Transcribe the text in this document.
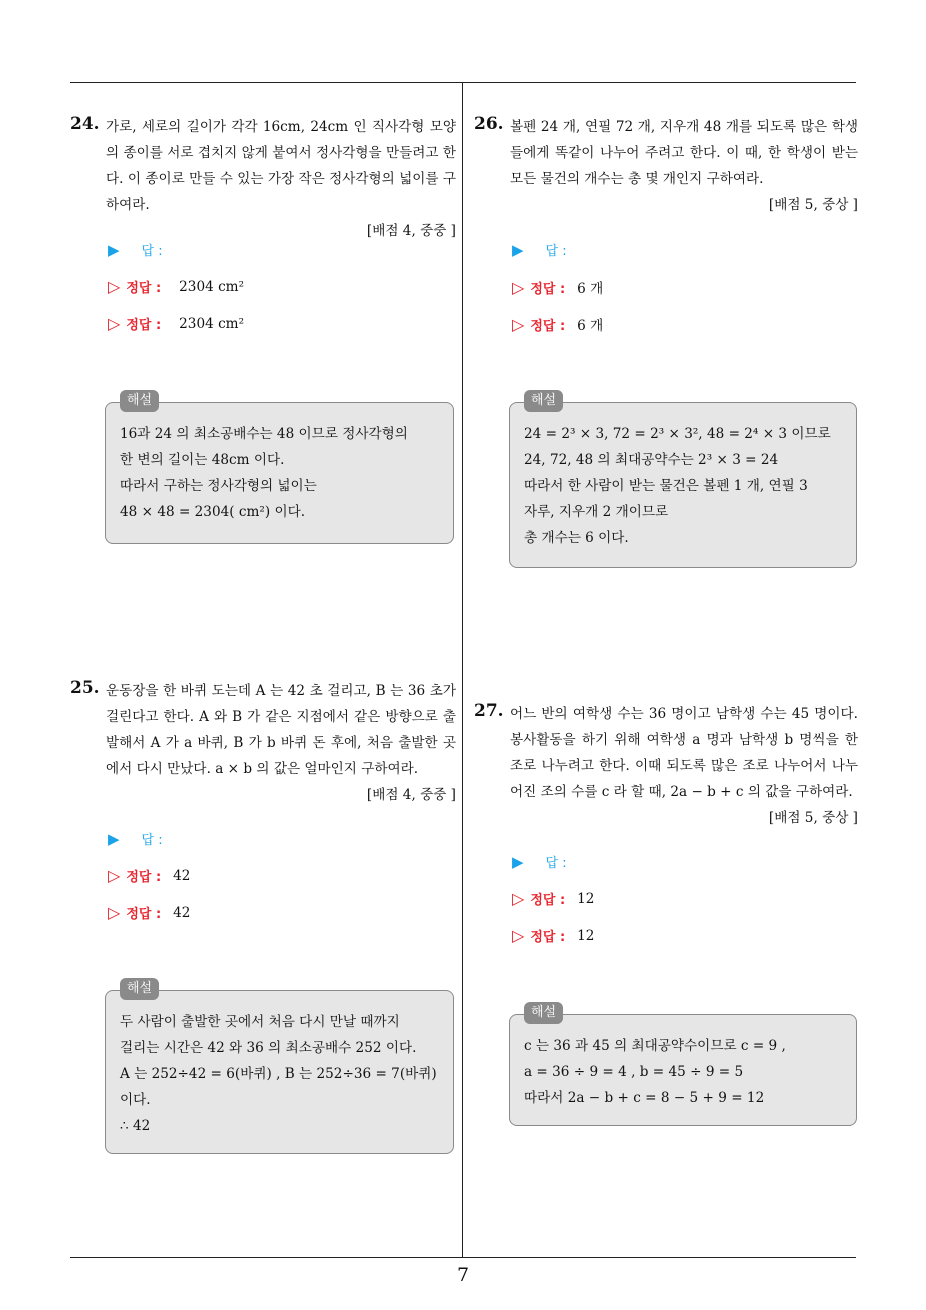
7
24. 가로, 세로의 길이가 각각 16cm, 24cm 인 직사각형 모양의 종이를 서로 겹치지 않게 붙여서 정사각형을 만들려고 한다. 이 종이로 만들 수 있는 가장 작은 정사각형의 넓이를 구하여라.
[배점 4, 중중 ]
▶ 답 :
▷ 정답 : 2304 cm²
▷ 정답 : 2304 cm²
해설
16과 24 의 최소공배수는 48 이므로 정사각형의
한 변의 길이는 48cm 이다.
따라서 구하는 정사각형의 넓이는
48 × 48 = 2304( cm²) 이다.
25. 운동장을 한 바퀴 도는데 A 는 42 초 걸리고, B 는 36 초가 걸린다고 한다. A 와 B 가 같은 지점에서 같은 방향으로 출발해서 A 가 a 바퀴, B 가 b 바퀴 돈 후에, 처음 출발한 곳에서 다시 만났다. a × b 의 값은 얼마인지 구하여라.
[배점 4, 중중 ]
▶ 답 :
▷ 정답 : 42
▷ 정답 : 42
해설
두 사람이 출발한 곳에서 처음 다시 만날 때까지
걸리는 시간은 42 와 36 의 최소공배수 252 이다.
A 는 252÷42 = 6(바퀴) , B 는 252÷36 = 7(바퀴)
이다.
∴ 42
26. 볼펜 24 개, 연필 72 개, 지우개 48 개를 되도록 많은 학생들에게 똑같이 나누어 주려고 한다. 이 때, 한 학생이 받는 모든 물건의 개수는 총 몇 개인지 구하여라.
[배점 5, 중상 ]
▶ 답 :
▷ 정답 : 6 개
▷ 정답 : 6 개
해설
24 = 2³ × 3, 72 = 2³ × 3², 48 = 2⁴ × 3 이므로
24, 72, 48 의 최대공약수는 2³ × 3 = 24
따라서 한 사람이 받는 물건은 볼펜 1 개, 연필 3
자루, 지우개 2 개이므로
총 개수는 6 이다.
27. 어느 반의 여학생 수는 36 명이고 남학생 수는 45 명이다. 봉사활동을 하기 위해 여학생 a 명과 남학생 b 명씩을 한 조로 나누려고 한다. 이때 되도록 많은 조로 나누어서 나누어진 조의 수를 c 라 할 때, 2a − b + c 의 값을 구하여라.
[배점 5, 중상 ]
▶ 답 :
▷ 정답 : 12
▷ 정답 : 12
해설
c 는 36 과 45 의 최대공약수이므로 c = 9 ,
a = 36 ÷ 9 = 4 , b = 45 ÷ 9 = 5
따라서 2a − b + c = 8 − 5 + 9 = 12
